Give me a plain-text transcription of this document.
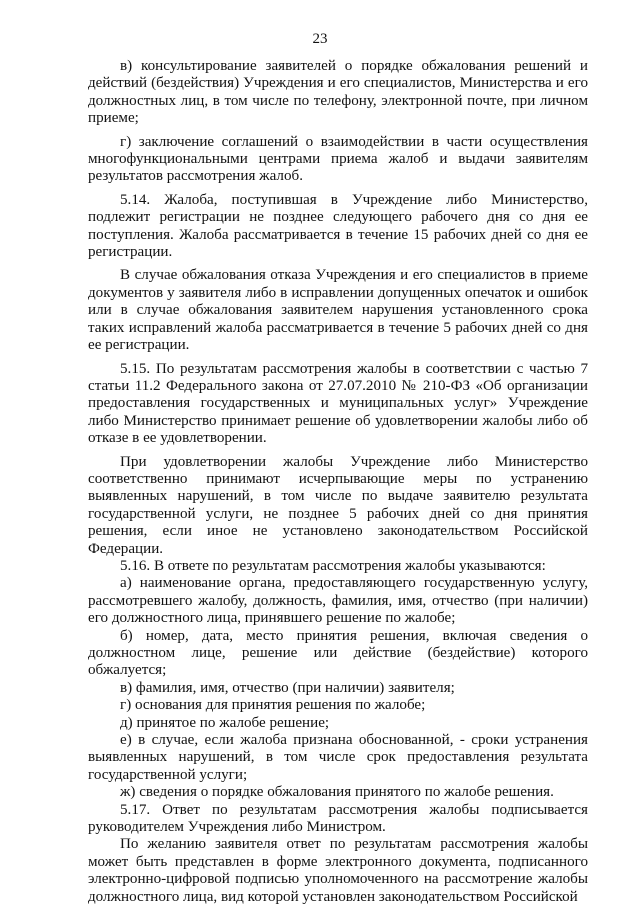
23

в) консультирование заявителей о порядке обжалования решений и действий (бездействия) Учреждения и его специалистов, Министерства и его должностных лиц, в том числе по телефону, электронной почте, при личном приеме;

г) заключение соглашений о взаимодействии в части осуществления многофункциональными центрами приема жалоб и выдачи заявителям результатов рассмотрения жалоб.

5.14. Жалоба, поступившая в Учреждение либо Министерство, подлежит регистрации не позднее следующего рабочего дня со дня ее поступления. Жалоба рассматривается в течение 15 рабочих дней со дня ее регистрации.

В случае обжалования отказа Учреждения и его специалистов в приеме документов у заявителя либо в исправлении допущенных опечаток и ошибок или в случае обжалования заявителем нарушения установленного срока таких исправлений жалоба рассматривается в течение 5 рабочих дней со дня ее регистрации.

5.15. По результатам рассмотрения жалобы в соответствии с частью 7 статьи 11.2 Федерального закона от 27.07.2010 № 210-ФЗ «Об организации предоставления государственных и муниципальных услуг» Учреждение либо Министерство принимает решение об удовлетворении жалобы либо об отказе в ее удовлетворении.

При удовлетворении жалобы Учреждение либо Министерство соответственно принимают исчерпывающие меры по устранению выявленных нарушений, в том числе по выдаче заявителю результата государственной услуги, не позднее 5 рабочих дней со дня принятия решения, если иное не установлено законодательством Российской Федерации.

5.16. В ответе по результатам рассмотрения жалобы указываются:

а) наименование органа, предоставляющего государственную услугу, рассмотревшего жалобу, должность, фамилия, имя, отчество (при наличии) его должностного лица, принявшего решение по жалобе;

б) номер, дата, место принятия решения, включая сведения о должностном лице, решение или действие (бездействие) которого обжалуется;

в) фамилия, имя, отчество (при наличии) заявителя;

г) основания для принятия решения по жалобе;

д) принятое по жалобе решение;

е) в случае, если жалоба признана обоснованной, - сроки устранения выявленных нарушений, в том числе срок предоставления результата государственной услуги;

ж) сведения о порядке обжалования принятого по жалобе решения.

5.17. Ответ по результатам рассмотрения жалобы подписывается руководителем Учреждения либо Министром.

По желанию заявителя ответ по результатам рассмотрения жалобы может быть представлен в форме электронного документа, подписанного электронно-цифровой подписью уполномоченного на рассмотрение жалобы должностного лица, вид которой установлен законодательством Российской
